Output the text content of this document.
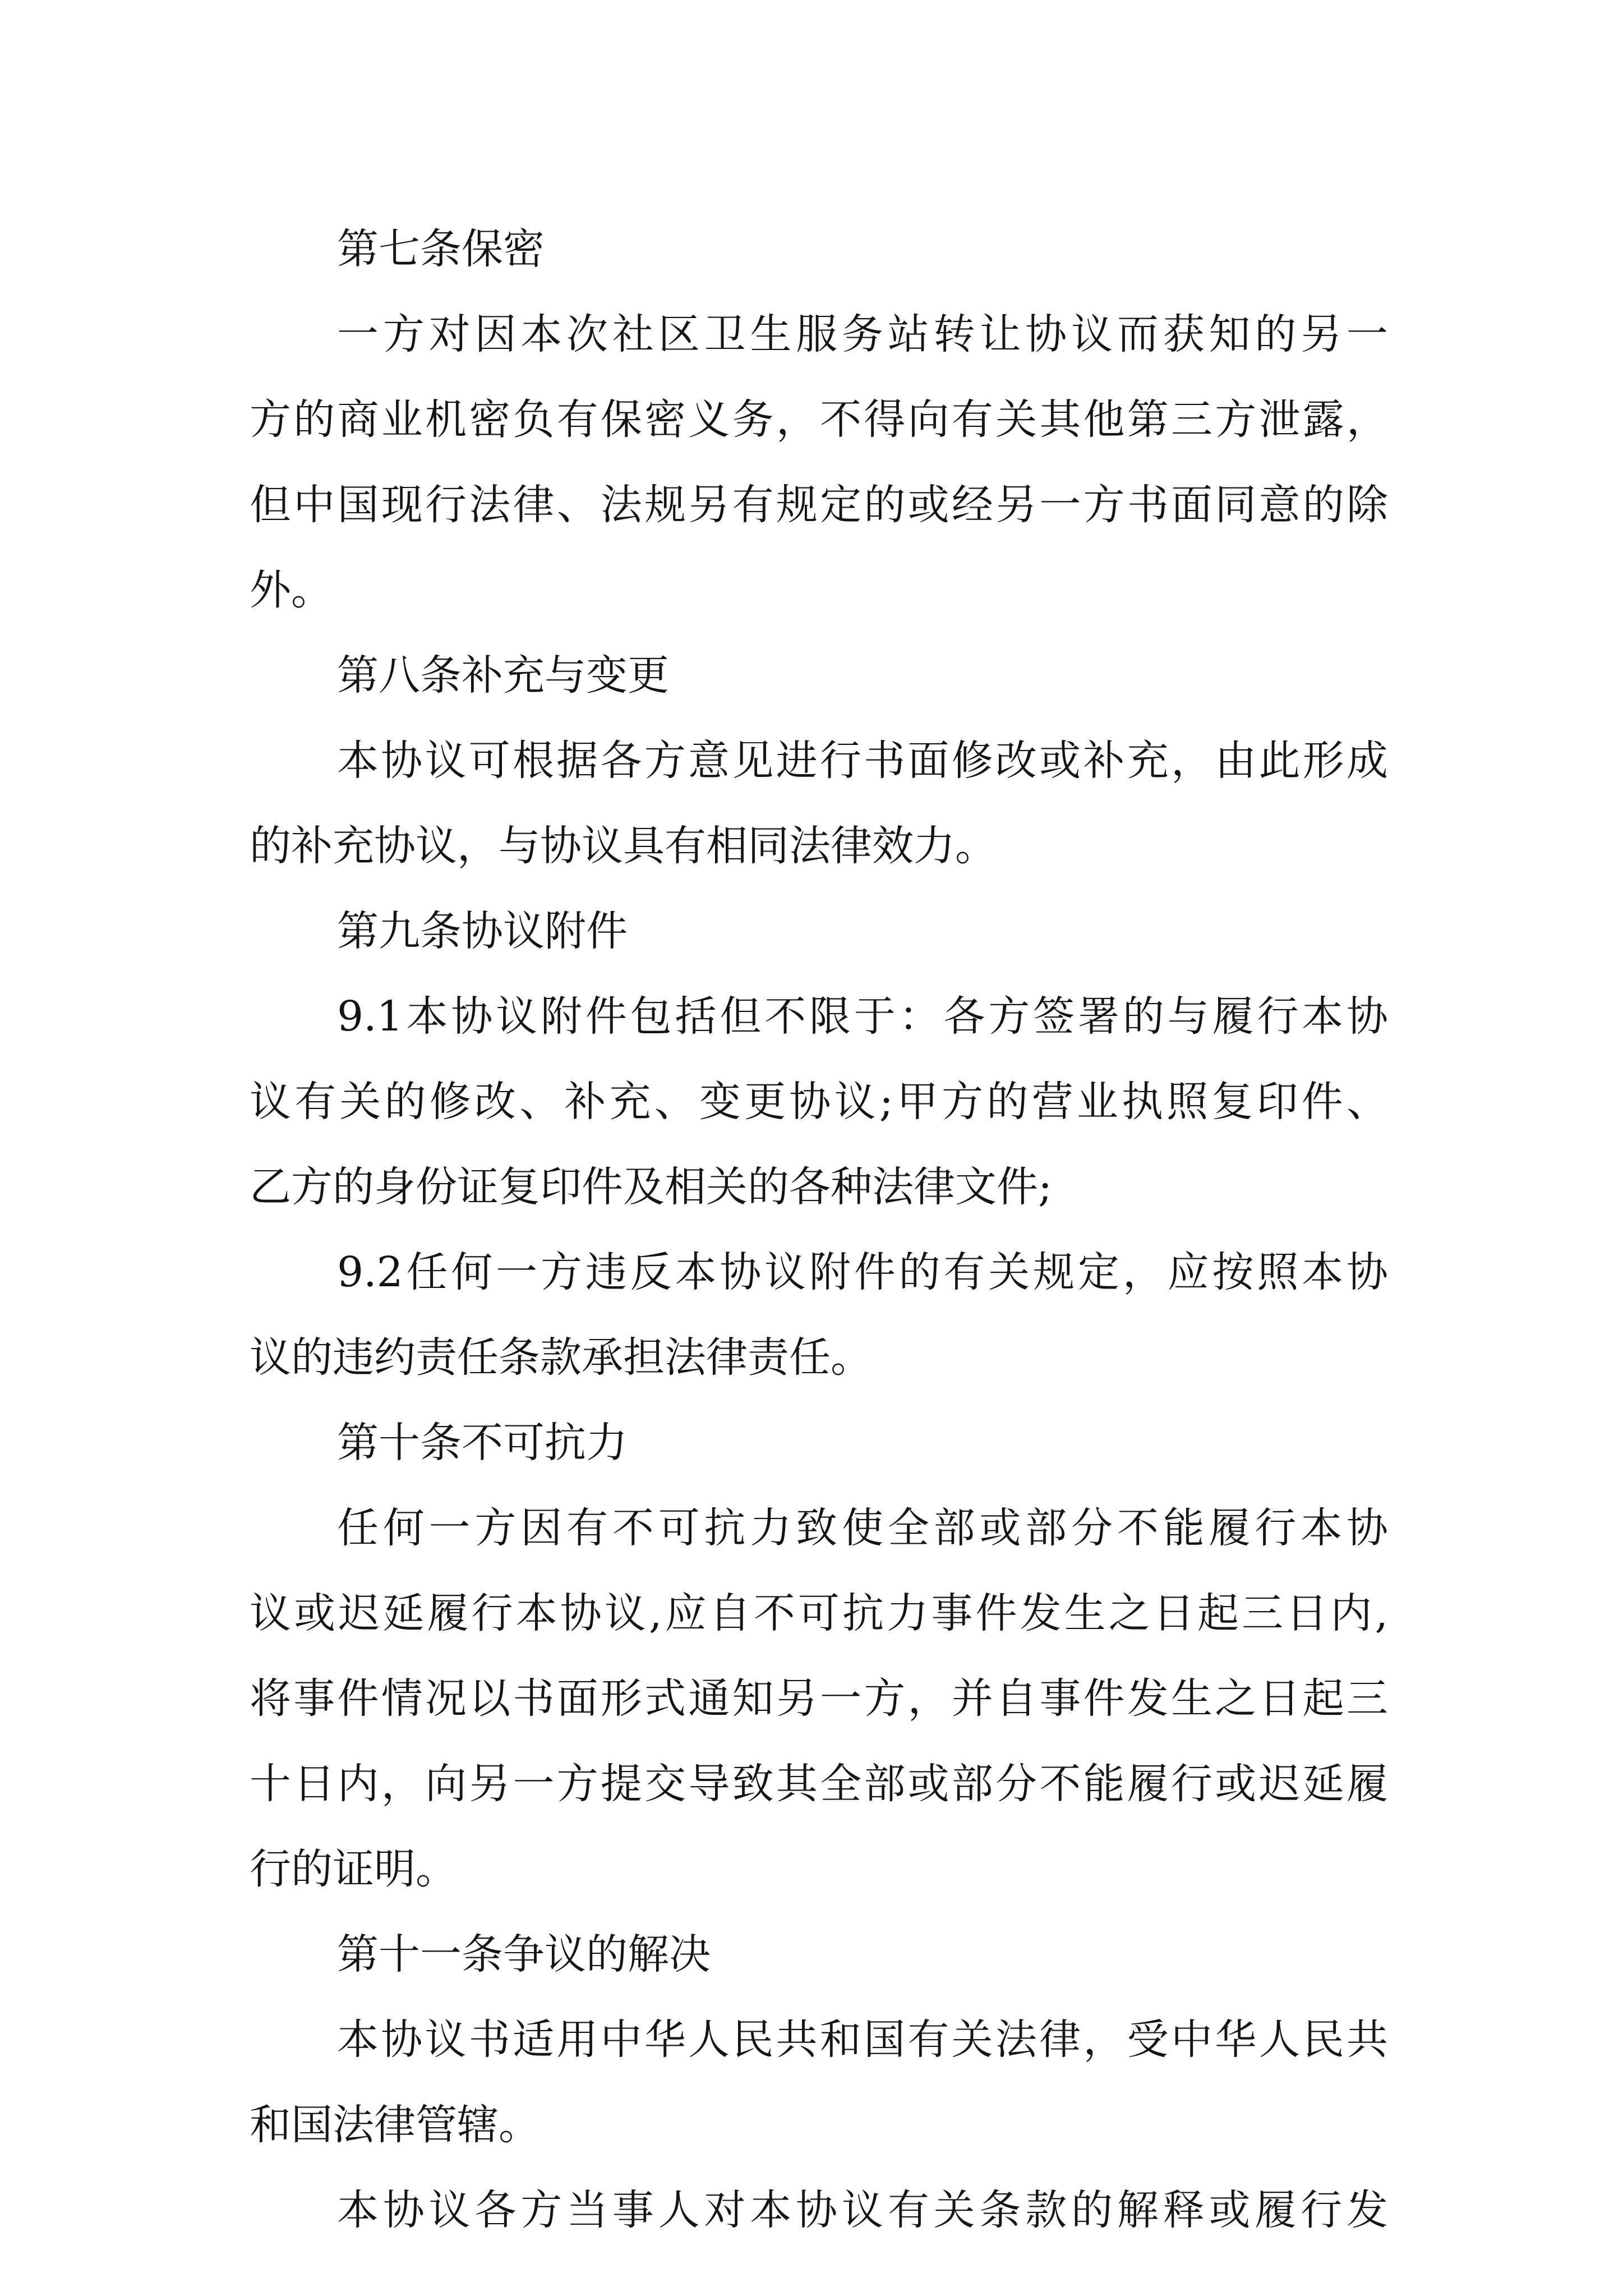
第七条保密
一方对因本次社区卫生服务站转让协议而获知的另一
方的商业机密负有保密义务，不得向有关其他第三方泄露，
但中国现行法律、法规另有规定的或经另一方书面同意的除
外。
第八条补充与变更
本协议可根据各方意见进行书面修改或补充，由此形成
的补充协议，与协议具有相同法律效力。
第九条协议附件
9.1本协议附件包括但不限于：各方签署的与履行本协
议有关的修改、补充、变更协议;甲方的营业执照复印件、
乙方的身份证复印件及相关的各种法律文件;
9.2任何一方违反本协议附件的有关规定，应按照本协
议的违约责任条款承担法律责任。
第十条不可抗力
任何一方因有不可抗力致使全部或部分不能履行本协
议或迟延履行本协议,应自不可抗力事件发生之日起三日内,
将事件情况以书面形式通知另一方，并自事件发生之日起三
十日内，向另一方提交导致其全部或部分不能履行或迟延履
行的证明。
第十一条争议的解决
本协议书适用中华人民共和国有关法律，受中华人民共
和国法律管辖。
本协议各方当事人对本协议有关条款的解释或履行发
